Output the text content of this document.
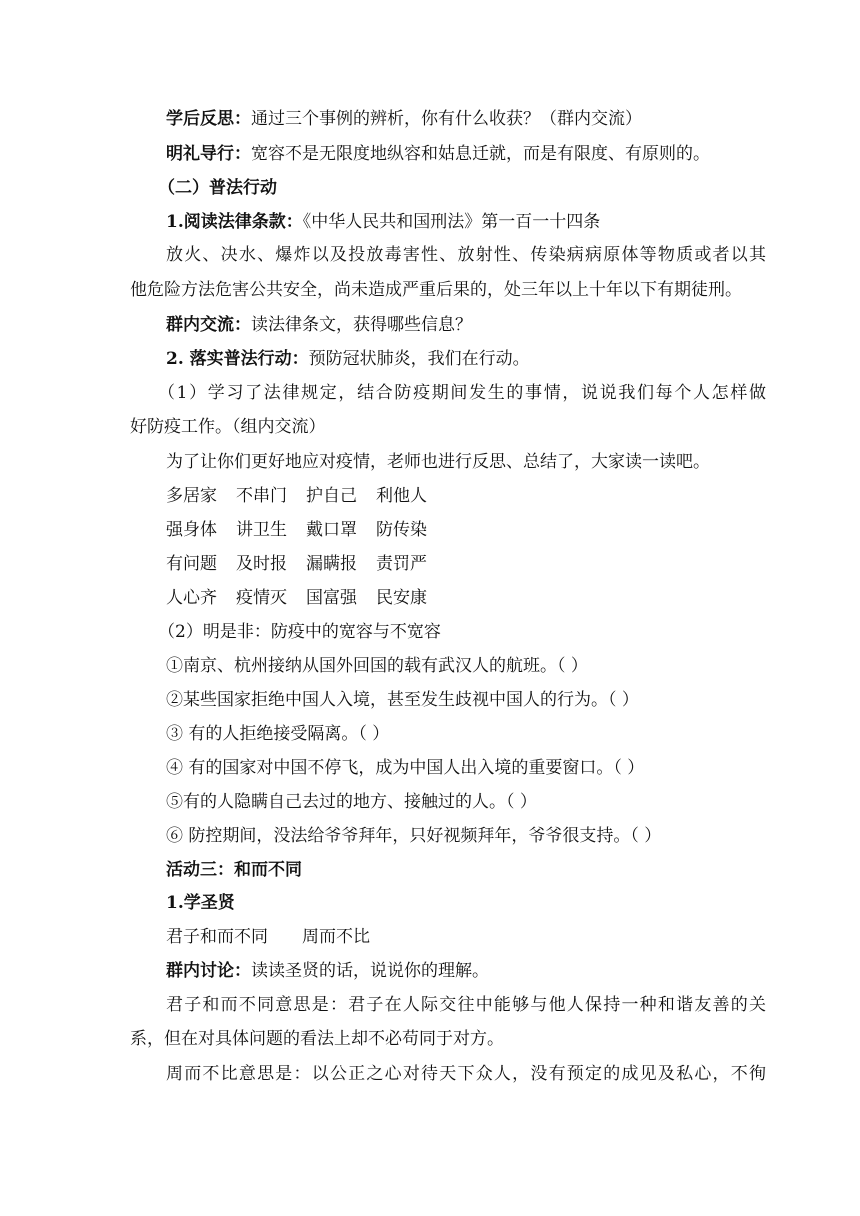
学后反思：通过三个事例的辨析，你有什么收获？（群内交流）
明礼导行：宽容不是无限度地纵容和姑息迁就，而是有限度、有原则的。
（二）普法行动
1.阅读法律条款：《中华人民共和国刑法》第一百一十四条
放火、决水、爆炸以及投放毒害性、放射性、传染病病原体等物质或者以其
他危险方法危害公共安全，尚未造成严重后果的，处三年以上十年以下有期徒刑。
群内交流：读法律条文，获得哪些信息？
2. 落实普法行动：预防冠状肺炎，我们在行动。
（1）学习了法律规定，结合防疫期间发生的事情，说说我们每个人怎样做
好防疫工作。（组内交流）
为了让你们更好地应对疫情，老师也进行反思、总结了，大家读一读吧。
多居家 不串门 护自己 利他人
强身体 讲卫生 戴口罩 防传染
有问题 及时报 漏瞒报 责罚严
人心齐 疫情灭 国富强 民安康
（2）明是非：防疫中的宽容与不宽容
①南京、杭州接纳从国外回国的载有武汉人的航班。（ ）
②某些国家拒绝中国人入境，甚至发生歧视中国人的行为。（ ）
③ 有的人拒绝接受隔离。（ ）
④ 有的国家对中国不停飞，成为中国人出入境的重要窗口。（ ）
⑤有的人隐瞒自己去过的地方、接触过的人。（ ）
⑥ 防控期间，没法给爷爷拜年，只好视频拜年，爷爷很支持。（ ）
活动三：和而不同
1.学圣贤
君子和而不同 周而不比
群内讨论：读读圣贤的话，说说你的理解。
君子和而不同意思是：君子在人际交往中能够与他人保持一种和谐友善的关
系，但在对具体问题的看法上却不必苟同于对方。
周而不比意思是：以公正之心对待天下众人，没有预定的成见及私心，不徇
